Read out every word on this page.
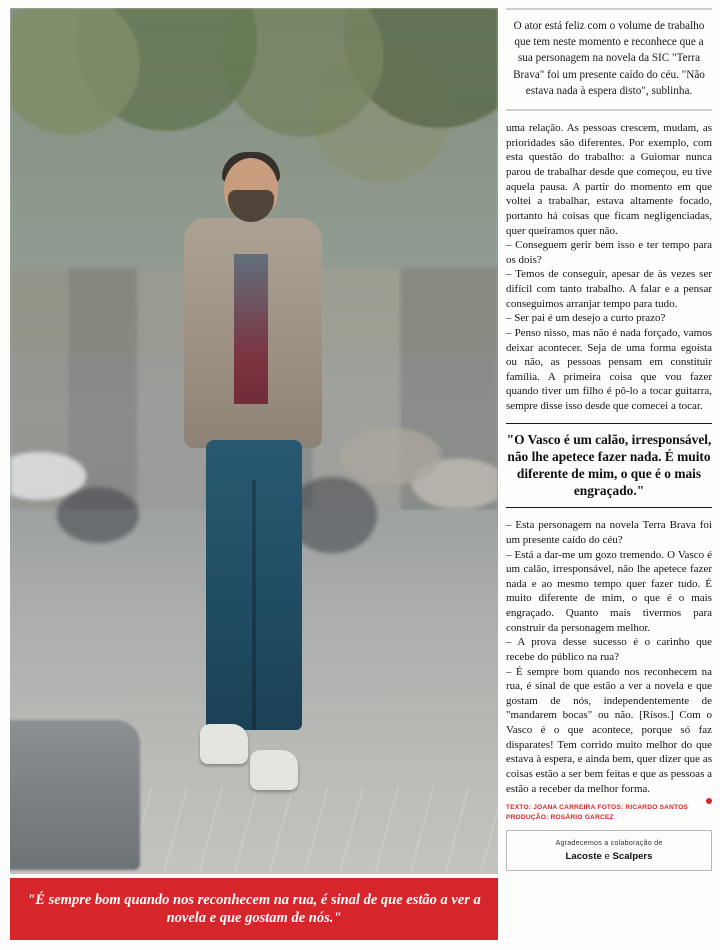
"É sempre bom quando nos reconhecem na rua, é sinal de que estão a ver a novela e que gostam de nós."
O ator está feliz com o volume de trabalho que tem neste momento e reconhece que a sua personagem na novela da SIC "Terra Brava" foi um presente caído do céu. "Não estava nada à espera disto", sublinha.

uma relação. As pessoas crescem, mudam, as prioridades são diferentes. Por exemplo, com esta questão do trabalho: a Guiomar nunca parou de trabalhar desde que começou, eu tive aquela pausa. A partir do momento em que voltei a trabalhar, estava altamente focado, portanto há coisas que ficam negligenciadas, quer queiramos quer não.

– Conseguem gerir bem isso e ter tempo para os dois?

– Temos de conseguir, apesar de às vezes ser difícil com tanto trabalho. A falar e a pensar conseguimos arranjar tempo para tudo.

– Ser pai é um desejo a curto prazo?

– Penso nisso, mas não é nada forçado, vamos deixar acontecer. Seja de uma forma egoísta ou não, as pessoas pensam em constituir família. A primeira coisa que vou fazer quando tiver um filho é pô-lo a tocar guitarra, sempre disse isso desde que comecei a tocar.

"O Vasco é um calão, irresponsável, não lhe apetece fazer nada. É muito diferente de mim, o que é o mais engraçado."

– Esta personagem na novela Terra Brava foi um presente caído do céu?

– Está a dar-me um gozo tremendo. O Vasco é um calão, irresponsável, não lhe apetece fazer nada e ao mesmo tempo quer fazer tudo. É muito diferente de mim, o que é o mais engraçado. Quanto mais tivermos para construir da personagem melhor.

– A prova desse sucesso é o carinho que recebe do público na rua?

– É sempre bom quando nos reconhecem na rua, é sinal de que estão a ver a novela e que gostam de nós, independentemente de "mandarem bocas" ou não. [Risos.] Com o Vasco é o que acontece, porque só faz disparates! Tem corrido muito melhor do que estava à espera, e ainda bem, quer dizer que as coisas estão a ser bem feitas e que as pessoas a estão a receber da melhor forma.

TEXTO: JOANA CARREIRA FOTOS: RICARDO SANTOS
PRODUÇÃO: ROSÁRIO GARCEZ
Agradecemos a colaboração de
Lacoste e Scalpers
